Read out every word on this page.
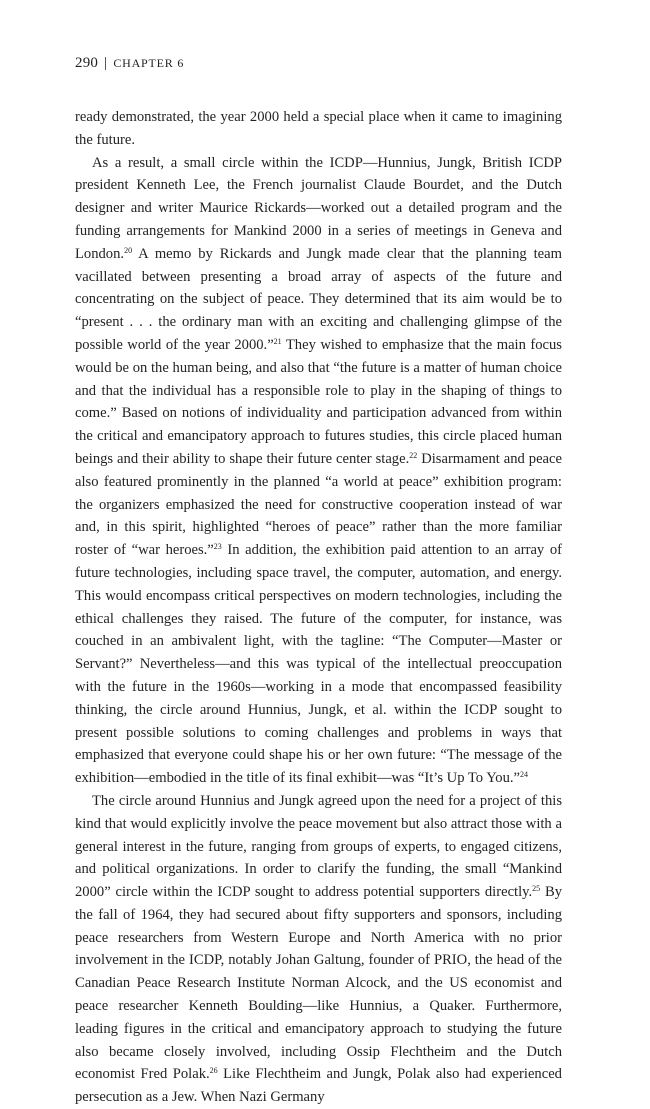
290 | CHAPTER 6

ready demonstrated, the year 2000 held a special place when it came to imagining the future.

As a result, a small circle within the ICDP—Hunnius, Jungk, British ICDP president Kenneth Lee, the French journalist Claude Bourdet, and the Dutch designer and writer Maurice Rickards—worked out a detailed program and the funding arrangements for Mankind 2000 in a series of meetings in Geneva and London.$^{20}$ A memo by Rickards and Jungk made clear that the planning team vacillated between presenting a broad array of aspects of the future and concentrating on the subject of peace. They determined that its aim would be to “present . . . the ordinary man with an exciting and challenging glimpse of the possible world of the year 2000.”$^{21}$ They wished to emphasize that the main focus would be on the human being, and also that “the future is a matter of human choice and that the individual has a responsible role to play in the shaping of things to come.” Based on notions of individuality and participation advanced from within the critical and emancipatory approach to futures studies, this circle placed human beings and their ability to shape their future center stage.$^{22}$ Disarmament and peace also featured prominently in the planned “a world at peace” exhibition program: the organizers emphasized the need for constructive cooperation instead of war and, in this spirit, highlighted “heroes of peace” rather than the more familiar roster of “war heroes.”$^{23}$ In addition, the exhibition paid attention to an array of future technologies, including space travel, the computer, automation, and energy. This would encompass critical perspectives on modern technologies, including the ethical challenges they raised. The future of the computer, for instance, was couched in an ambivalent light, with the tagline: “The Computer—Master or Servant?” Nevertheless—and this was typical of the intellectual preoccupation with the future in the 1960s—working in a mode that encompassed feasibility thinking, the circle around Hunnius, Jungk, et al. within the ICDP sought to present possible solutions to coming challenges and problems in ways that emphasized that everyone could shape his or her own future: “The message of the exhibition—embodied in the title of its final exhibit—was “It’s Up To You.”$^{24}$

The circle around Hunnius and Jungk agreed upon the need for a project of this kind that would explicitly involve the peace movement but also attract those with a general interest in the future, ranging from groups of experts, to engaged citizens, and political organizations. In order to clarify the funding, the small “Mankind 2000” circle within the ICDP sought to address potential supporters directly.$^{25}$ By the fall of 1964, they had secured about fifty supporters and sponsors, including peace researchers from Western Europe and North America with no prior involvement in the ICDP, notably Johan Galtung, founder of PRIO, the head of the Canadian Peace Research Institute Norman Alcock, and the US economist and peace researcher Kenneth Boulding—like Hunnius, a Quaker. Furthermore, leading figures in the critical and emancipatory approach to studying the future also became closely involved, including Ossip Flechtheim and the Dutch economist Fred Polak.$^{26}$ Like Flechtheim and Jungk, Polak also had experienced persecution as a Jew. When Nazi Germany
